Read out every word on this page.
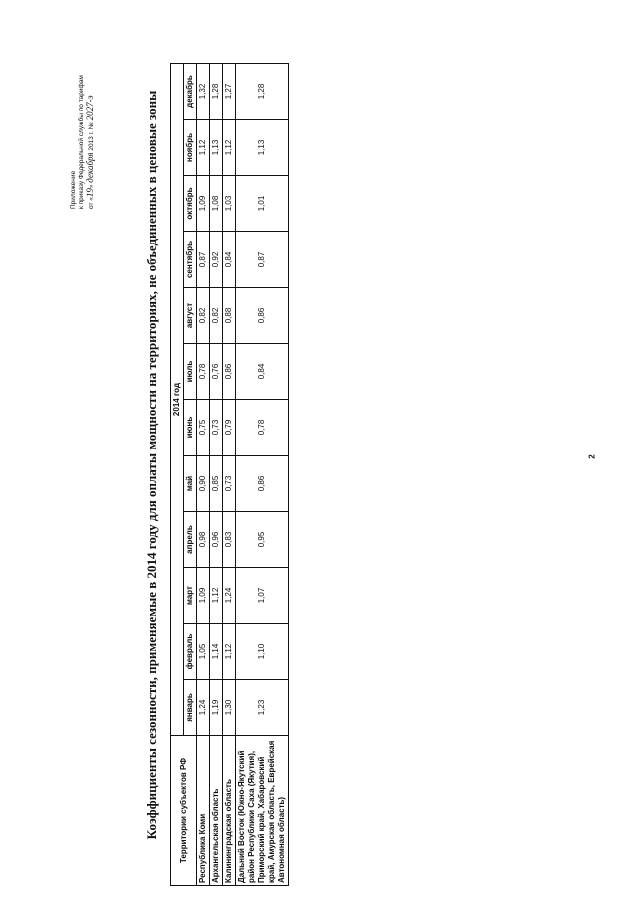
Приложение к приказу Федеральной службы по тарифам от «19» декабря 2013 г. № 2027-э	Коэффициенты сезонности, применяемые в 2014 году для оплаты мощности на территориях, не объединенных в ценовые зоны	Территории субъектов РФ	2014 год											
	январь	февраль	март	апрель	май	июнь	июль	август	сентябрь	октябрь	ноябрь	декабрь
Республика Коми	1,24	1,05	1,09	0,98	0,90	0,75	0,78	0,82	0,87	1,09	1,12	1,32
Архангельская область	1,19	1,14	1,12	0,96	0,85	0,73	0,76	0,82	0,92	1,08	1,13	1,28
Калининградская область	1,30	1,12	1,24	0,83	0,73	0,79	0,86	0,88	0,84	1,03	1,12	1,27
Дальний Восток (Южно-Якутский район Республики Саха (Якутия), Приморский край, Хабаровский край, Амурская область, Еврейская Автономная область)	1,23	1,10	1,07	0,95	0,86	0,78	0,84	0,86	0,87	1,01	1,13	1,28
2
